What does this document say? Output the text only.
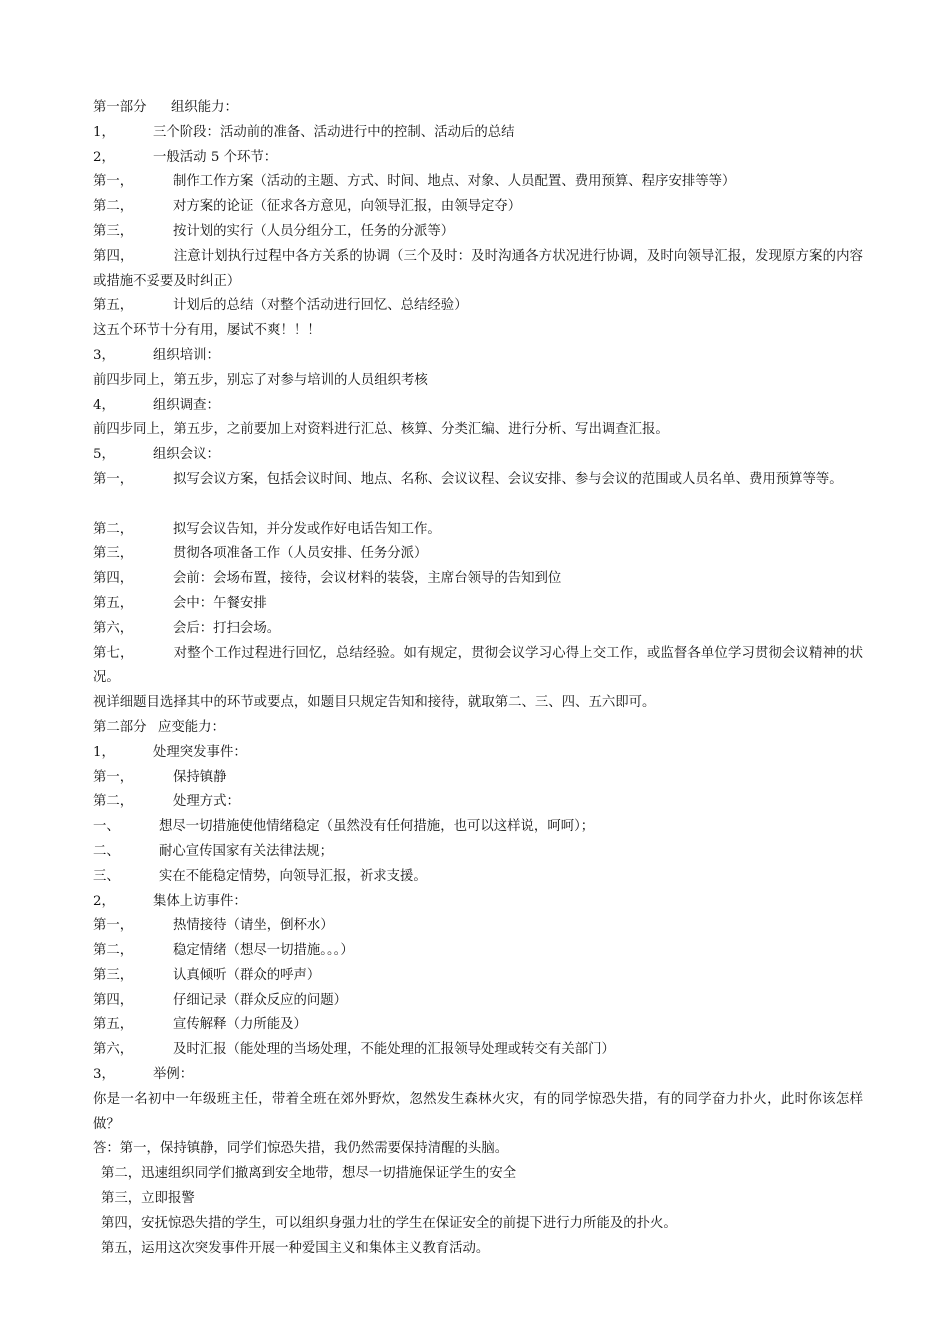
第一部分 组织能力：
1，	三个阶段：活动前的准备、活动进行中的控制、活动后的总结
2，	一般活动 5 个环节：
第一，	制作工作方案（活动的主题、方式、时间、地点、对象、人员配置、费用预算、程序安排等等）
第二，	对方案的论证（征求各方意见，向领导汇报，由领导定夺）
第三，	按计划的实行（人员分组分工，任务的分派等）
第四，	注意计划执行过程中各方关系的协调（三个及时：及时沟通各方状况进行协调，及时向领导汇报，发现原方案的内容或措施不妥要及时纠正）
第五，	计划后的总结（对整个活动进行回忆、总结经验）
这五个环节十分有用，屡试不爽！！！
3，	组织培训：
前四步同上，第五步，别忘了对参与培训的人员组织考核
4，	组织调查：
前四步同上，第五步，之前要加上对资料进行汇总、核算、分类汇编、进行分析、写出调查汇报。
5，	组织会议：
第一，	拟写会议方案，包括会议时间、地点、名称、会议议程、会议安排、参与会议的范围或人员名单、费用预算等等。
第二，	拟写会议告知，并分发或作好电话告知工作。
第三，	贯彻各项准备工作（人员安排、任务分派）
第四，	会前：会场布置，接待，会议材料的装袋，主席台领导的告知到位
第五，	会中：午餐安排
第六，	会后：打扫会场。
第七，	对整个工作过程进行回忆，总结经验。如有规定，贯彻会议学习心得上交工作，或监督各单位学习贯彻会议精神的状况。
视详细题目选择其中的环节或要点，如题目只规定告知和接待，就取第二、三、四、五六即可。
第二部分 应变能力：
1，	处理突发事件：
第一，	保持镇静
第二，	处理方式：
一、	想尽一切措施使他情绪稳定（虽然没有任何措施，也可以这样说，呵呵）；
二、	耐心宣传国家有关法律法规；
三、	实在不能稳定情势，向领导汇报，祈求支援。
2，	集体上访事件：
第一，	热情接待（请坐，倒杯水）
第二，	稳定情绪（想尽一切措施。。。）
第三，	认真倾听（群众的呼声）
第四，	仔细记录（群众反应的问题）
第五，	宣传解释（力所能及）
第六，	及时汇报（能处理的当场处理，不能处理的汇报领导处理或转交有关部门）
3，	举例：
你是一名初中一年级班主任，带着全班在郊外野炊，忽然发生森林火灾，有的同学惊恐失措，有的同学奋力扑火，此时你该怎样做？
答：第一，保持镇静，同学们惊恐失措，我仍然需要保持清醒的头脑。
第二，迅速组织同学们撤离到安全地带，想尽一切措施保证学生的安全
第三，立即报警
第四，安抚惊恐失措的学生，可以组织身强力壮的学生在保证安全的前提下进行力所能及的扑火。
第五，运用这次突发事件开展一种爱国主义和集体主义教育活动。
